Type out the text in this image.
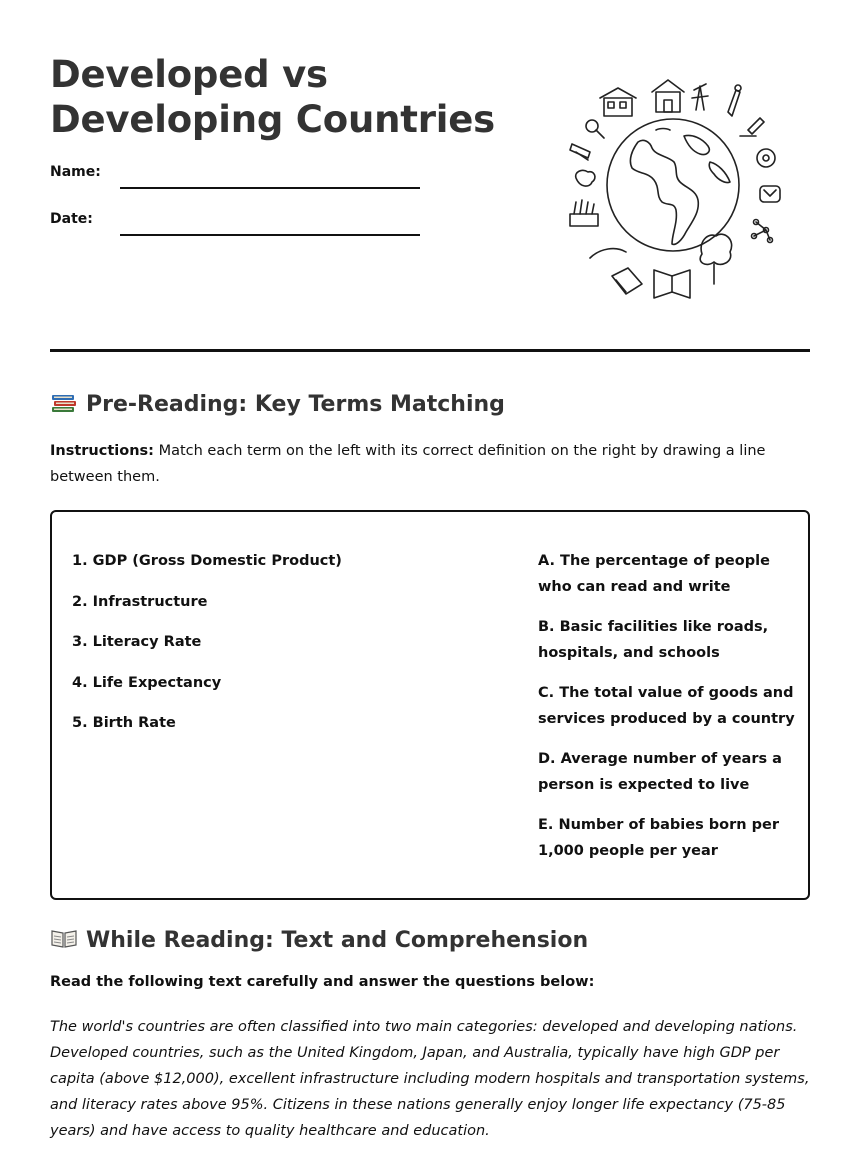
Developed vs
Developing Countries
Name:
Date:
Pre-Reading: Key Terms Matching

Instructions: Match each term on the left with its correct definition on the right by drawing a line between them.

1. GDP (Gross Domestic Product)
2. Infrastructure
3. Literacy Rate
4. Life Expectancy
5. Birth Rate
A. The percentage of people who can read and write
B. Basic facilities like roads, hospitals, and schools
C. The total value of goods and services produced by a country
D. Average number of years a person is expected to live
E. Number of babies born per 1,000 people per year
While Reading: Text and Comprehension

Read the following text carefully and answer the questions below:

The world's countries are often classified into two main categories: developed and developing nations. Developed countries, such as the United Kingdom, Japan, and Australia, typically have high GDP per capita (above $12,000), excellent infrastructure including modern hospitals and transportation systems, and literacy rates above 95%. Citizens in these nations generally enjoy longer life expectancy (75-85 years) and have access to quality healthcare and education.
